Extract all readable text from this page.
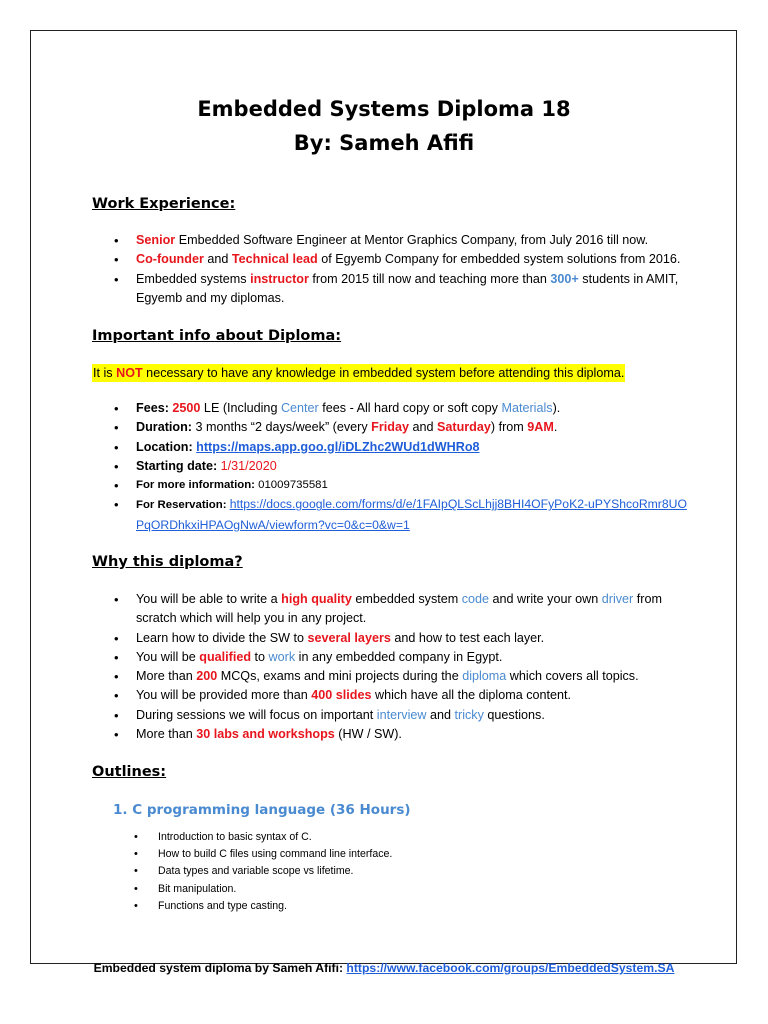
Embedded Systems Diploma 18
By: Sameh Afifi
Work Experience:
• Senior Embedded Software Engineer at Mentor Graphics Company, from July 2016 till now.
• Co-founder and Technical lead of Egyemb Company for embedded system solutions from 2016.
• Embedded systems instructor from 2015 till now and teaching more than 300+ students in AMIT, Egyemb and my diplomas.
Important info about Diploma:
It is NOT necessary to have any knowledge in embedded system before attending this diploma.
• Fees: 2500 LE (Including Center fees - All hard copy or soft copy Materials).
• Duration: 3 months “2 days/week” (every Friday and Saturday) from 9AM.
• Location: https://maps.app.goo.gl/iDLZhc2WUd1dWHRo8
• Starting date: 1/31/2020
• For more information: 01009735581
• For Reservation: https://docs.google.com/forms/d/e/1FAIpQLScLhjj8BHI4OFyPoK2-uPYShcoRmr8UOPqORDhkxiHPAOgNwA/viewform?vc=0&c=0&w=1
Why this diploma?
• You will be able to write a high quality embedded system code and write your own driver from scratch which will help you in any project.
• Learn how to divide the SW to several layers and how to test each layer.
• You will be qualified to work in any embedded company in Egypt.
• More than 200 MCQs, exams and mini projects during the diploma which covers all topics.
• You will be provided more than 400 slides which have all the diploma content.
• During sessions we will focus on important interview and tricky questions.
• More than 30 labs and workshops (HW / SW).
Outlines:
1. C programming language (36 Hours)
• Introduction to basic syntax of C.
• How to build C files using command line interface.
• Data types and variable scope vs lifetime.
• Bit manipulation.
• Functions and type casting.
Embedded system diploma by Sameh Afifi: https://www.facebook.com/groups/EmbeddedSystem.SA
